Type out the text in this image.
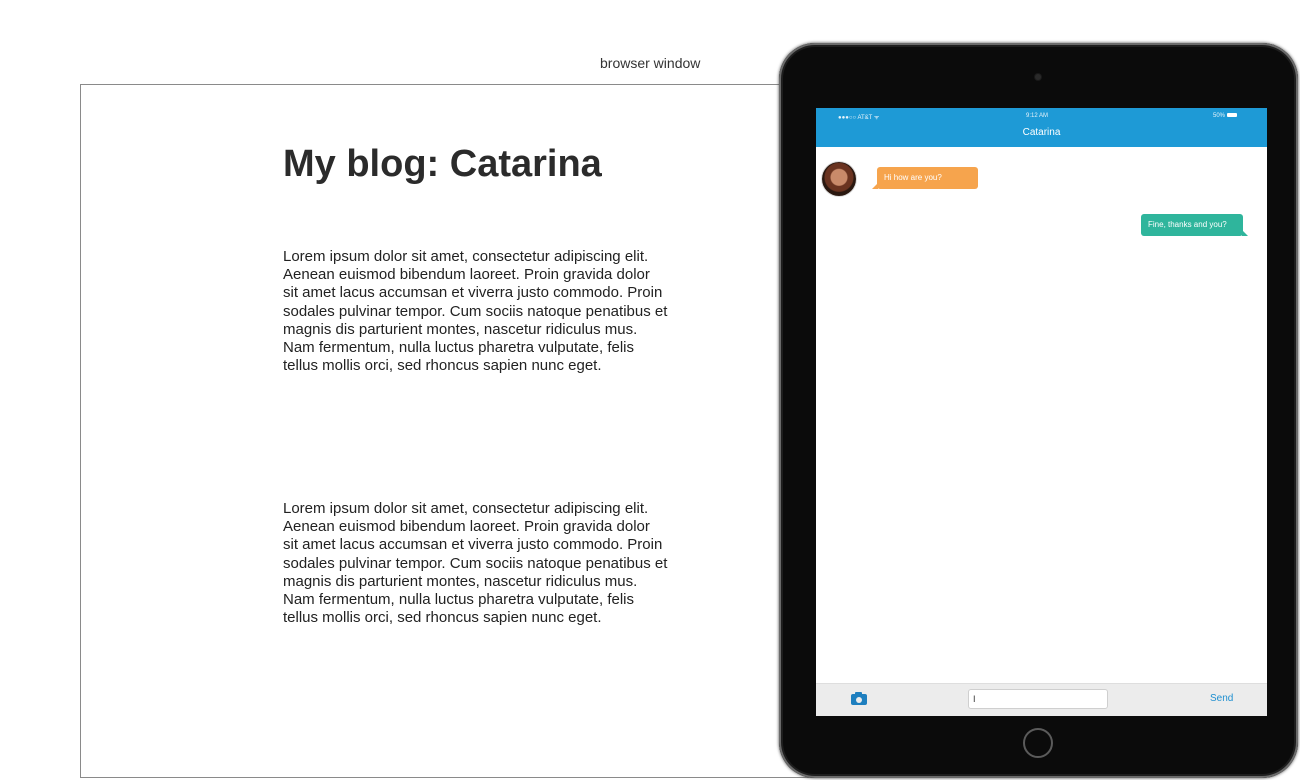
browser window
My blog: Catarina

Lorem ipsum dolor sit amet, consectetur adipiscing elit. Aenean euismod bibendum laoreet. Proin gravida dolor sit amet lacus accumsan et viverra justo commodo. Proin sodales pulvinar tempor. Cum sociis natoque penatibus et magnis dis parturient montes, nascetur ridiculus mus. Nam fermentum, nulla luctus pharetra vulputate, felis tellus mollis orci, sed rhoncus sapien nunc eget.

Lorem ipsum dolor sit amet, consectetur adipiscing elit. Aenean euismod bibendum laoreet. Proin gravida dolor sit amet lacus accumsan et viverra justo commodo. Proin sodales pulvinar tempor. Cum sociis natoque penatibus et magnis dis parturient montes, nascetur ridiculus mus. Nam fermentum, nulla luctus pharetra vulputate, felis tellus mollis orci, sed rhoncus sapien nunc eget.

●●●○○ AT&T ᯤ	9:12 AM	50%
Catarina
Hi how are you?
Fine, thanks and you?
I
Send
